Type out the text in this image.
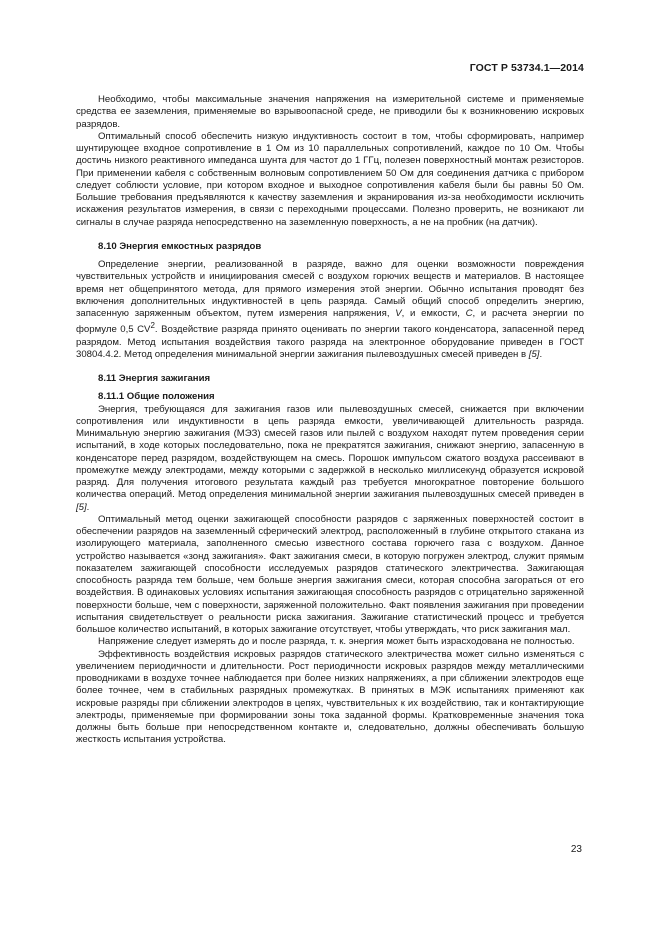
ГОСТ Р 53734.1—2014

Необходимо, чтобы максимальные значения напряжения на измерительной системе и применяемые средства ее заземления, применяемые во взрывоопасной среде, не приводили бы к возникновению искровых разрядов.

Оптимальный способ обеспечить низкую индуктивность состоит в том, чтобы сформировать, например шунтирующее входное сопротивление в 1 Ом из 10 параллельных сопротивлений, каждое по 10 Ом. Чтобы достичь низкого реактивного импеданса шунта для частот до 1 ГГц, полезен поверхностный монтаж резисторов. При применении кабеля с собственным волновым сопротивлением 50 Ом для соединения датчика с прибором следует соблюсти условие, при котором входное и выходное сопротивления кабеля были бы равны 50 Ом. Большие требования предъявляются к качеству заземления и экранирования из-за необходимости исключить искажения результатов измерения, в связи с переходными процессами. Полезно проверить, не возникают ли сигналы в случае разряда непосредственно на заземленную поверхность, а не на пробник (на датчик).

8.10 Энергия емкостных разрядов

Определение энергии, реализованной в разряде, важно для оценки возможности повреждения чувствительных устройств и инициирования смесей с воздухом горючих веществ и материалов. В настоящее время нет общепринятого метода, для прямого измерения этой энергии. Обычно испытания проводят без включения дополнительных индуктивностей в цепь разряда. Самый общий способ определить энергию, запасенную заряженным объектом, путем измерения напряжения, V, и емкости, C, и расчета энергии по формуле 0,5 $CV^2$. Воздействие разряда принято оценивать по энергии такого конденсатора, запасенной перед разрядом. Метод испытания воздействия такого разряда на электронное оборудование приведен в ГОСТ 30804.4.2. Метод определения минимальной энергии зажигания пылевоздушных смесей приведен в [5].

8.11 Энергия зажигания
8.11.1 Общие положения

Энергия, требующаяся для зажигания газов или пылевоздушных смесей, снижается при включении сопротивления или индуктивности в цепь разряда емкости, увеличивающей длительность разряда. Минимальную энергию зажигания (МЭЗ) смесей газов или пылей с воздухом находят путем проведения серии испытаний, в ходе которых последовательно, пока не прекратятся зажигания, снижают энергию, запасенную в конденсаторе перед разрядом, воздействующем на смесь. Порошок импульсом сжатого воздуха рассеивают в промежутке между электродами, между которыми с задержкой в несколько миллисекунд образуется искровой разряд. Для получения итогового результата каждый раз требуется многократное повторение большого количества операций. Метод определения минимальной энергии зажигания пылевоздушных смесей приведен в [5].

Оптимальный метод оценки зажигающей способности разрядов с заряженных поверхностей состоит в обеспечении разрядов на заземленный сферический электрод, расположенный в глубине открытого стакана из изолирующего материала, заполненного смесью известного состава горючего газа с воздухом. Данное устройство называется «зонд зажигания». Факт зажигания смеси, в которую погружен электрод, служит прямым показателем зажигающей способности исследуемых разрядов статического электричества. Зажигающая способность разряда тем больше, чем больше энергия зажигания смеси, которая способна загораться от его воздействия. В одинаковых условиях испытания зажигающая способность разрядов с отрицательно заряженной поверхности больше, чем с поверхности, заряженной положительно. Факт появления зажигания при проведении испытания свидетельствует о реальности риска зажигания. Зажигание статистический процесс и требуется большое количество испытаний, в которых зажигание отсутствует, чтобы утверждать, что риск зажигания мал.

Напряжение следует измерять до и после разряда, т. к. энергия может быть израсходована не полностью.

Эффективность воздействия искровых разрядов статического электричества может сильно изменяться с увеличением периодичности и длительности. Рост периодичности искровых разрядов между металлическими проводниками в воздухе точнее наблюдается при более низких напряжениях, а при сближении электродов еще более точнее, чем в стабильных разрядных промежутках. В принятых в МЭК испытаниях применяют как искровые разряды при сближении электродов в цепях, чувствительных к их воздействию, так и контактирующие электроды, применяемые при формировании зоны тока заданной формы. Кратковременные значения тока должны быть больше при непосредственном контакте и, следовательно, должны обеспечивать большую жесткость испытания устройства.

23
